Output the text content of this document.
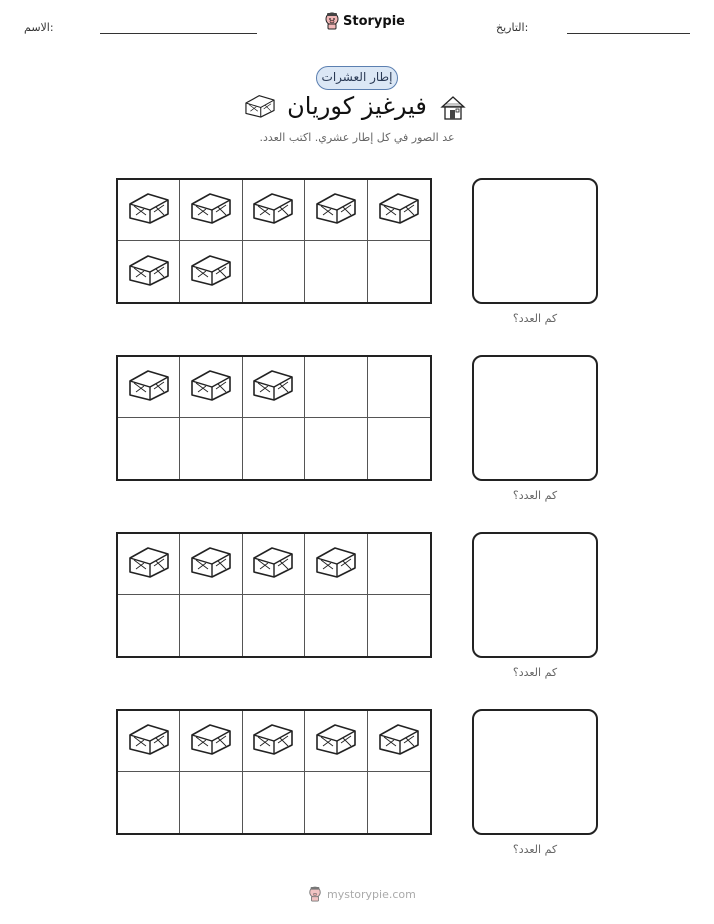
الاسم:	Storypie	التاريخ:
إطار العشرات
فيرغيز كوريان
عد الصور في كل إطار عشري. اكتب العدد.
كم العدد؟
كم العدد؟
كم العدد؟
كم العدد؟
mystorypie.com
